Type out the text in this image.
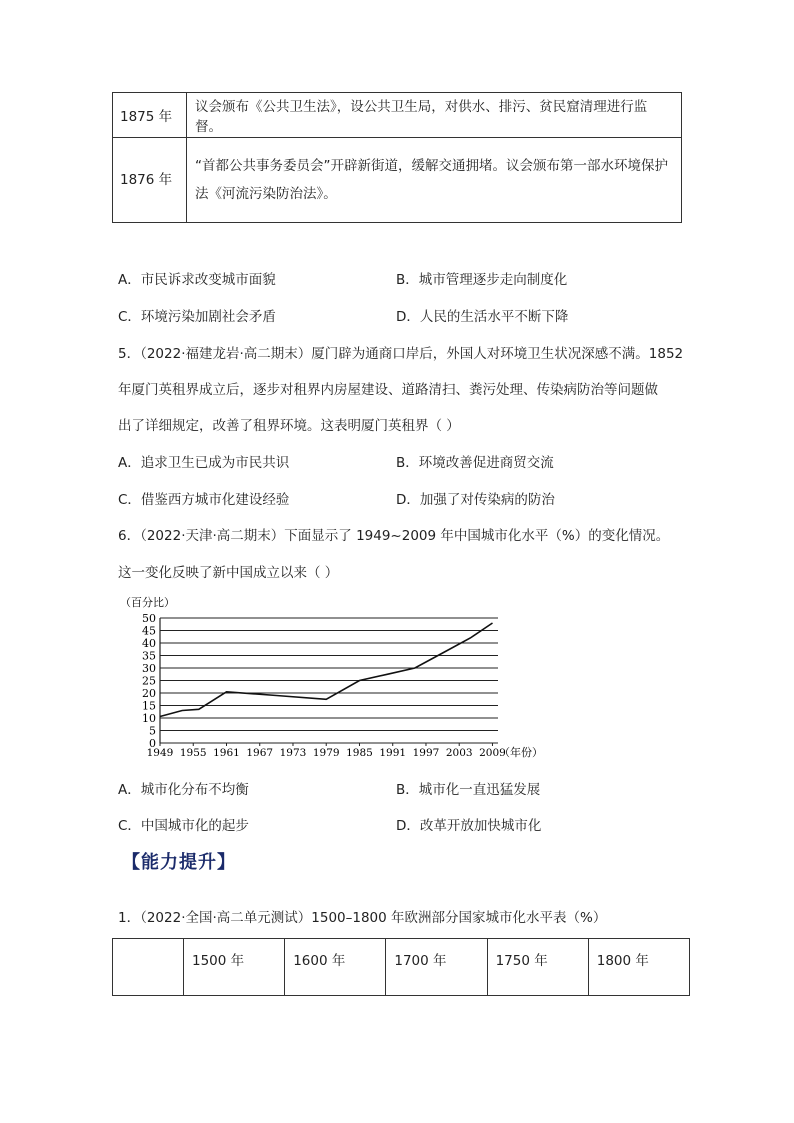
1875 年	议会颁布《公共卫生法》，设公共卫生局，对供水、排污、贫民窟清理进行监督。
1876 年	“首都公共事务委员会”开辟新街道，缓解交通拥堵。议会颁布第一部水环境保护
法《河流污染防治法》。
A．市民诉求改变城市面貌	B．城市管理逐步走向制度化
C．环境污染加剧社会矛盾	D．人民的生活水平不断下降
5．（2022·福建龙岩·高二期末）厦门辟为通商口岸后，外国人对环境卫生状况深感不满。1852
年厦门英租界成立后，逐步对租界内房屋建设、道路清扫、粪污处理、传染病防治等问题做
出了详细规定，改善了租界环境。这表明厦门英租界（ ）
A．追求卫生已成为市民共识	B．环境改善促进商贸交流
C．借鉴西方城市化建设经验	D．加强了对传染病的防治
6．（2022·天津·高二期末）下面显示了 1949~2009 年中国城市化水平（%）的变化情况。
这一变化反映了新中国成立以来（ ）
（百分比）
0
5
10
15
20
25
30
35
40
45
50
1949 1955 1961 1967 1973 1979 1985 1991 1997 2003 2009
（年份）
A．城市化分布不均衡	B．城市化一直迅猛发展
C．中国城市化的起步	D．改革开放加快城市化
【能力提升】
1．（2022·全国·高二单元测试）1500–1800 年欧洲部分国家城市化水平表（%）
	1500 年	1600 年	1700 年	1750 年	1800 年
